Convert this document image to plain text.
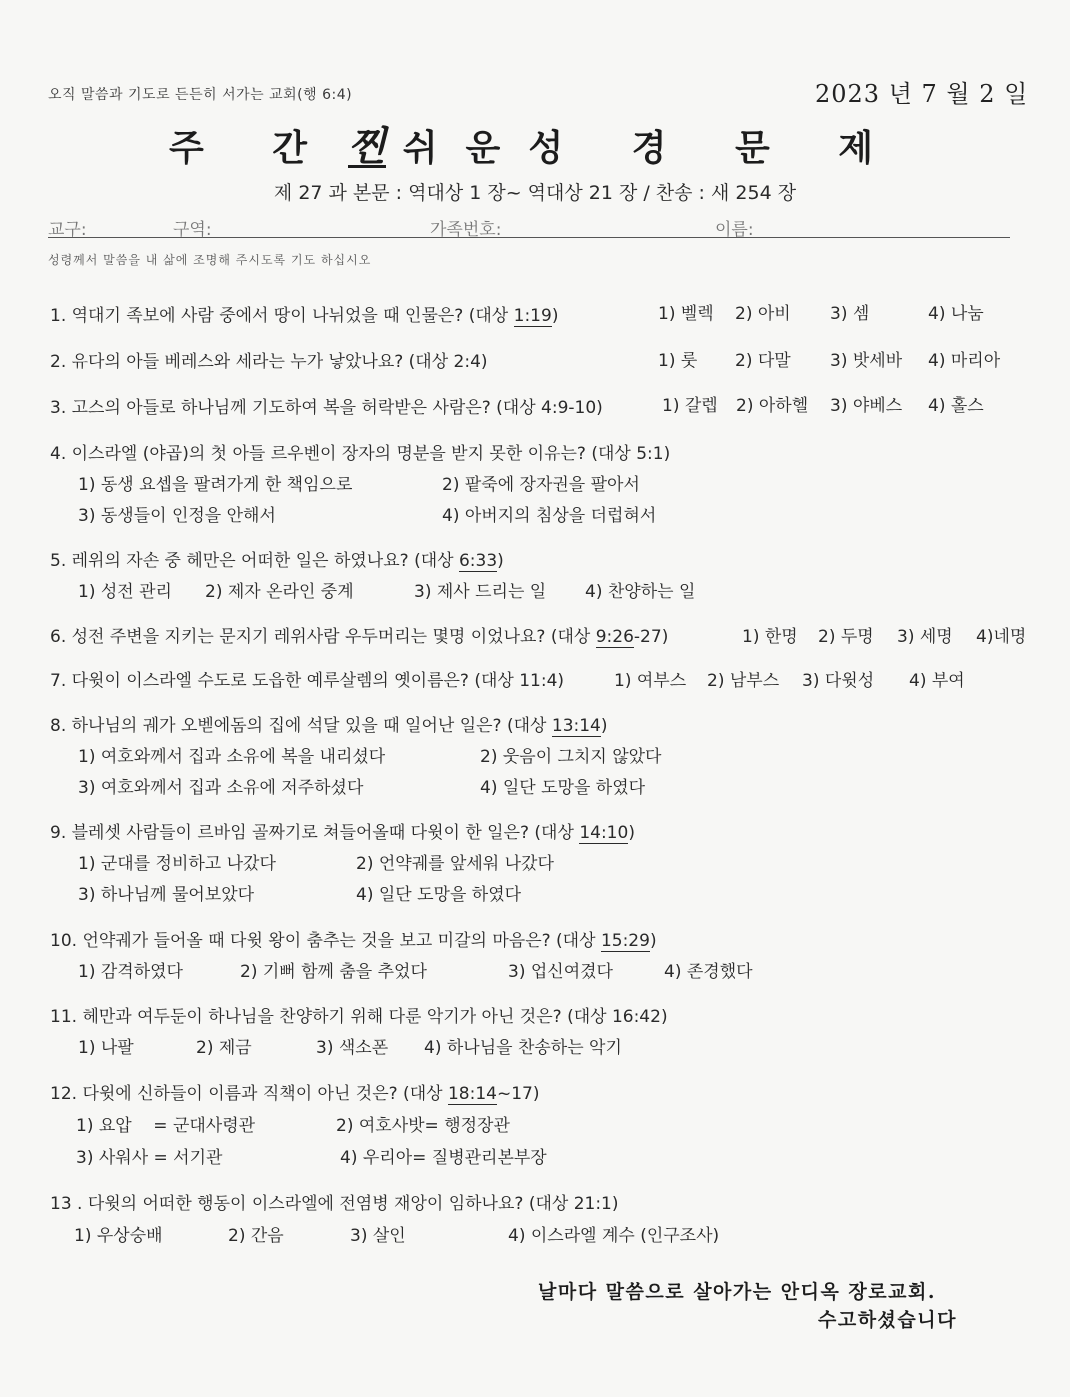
오직 말씀과 기도로 든든히 서가는 교회(행 6:4)	2023 년 7 월 2 일
주 간 찐 쉬운성 경 문 제
제 27 과 본문 : 역대상 1 장~ 역대상 21 장 / 찬송 : 새 254 장
교구:	구역:	가족번호:	이름:
성령께서 말씀을 내 삶에 조명해 주시도록 기도 하십시오
1. 역대기 족보에 사람 중에서 땅이 나뉘었을 때 인물은? (대상 1:19)	1) 벨렉 2) 아비 3) 셈	4) 나눔
2. 유다의 아들 베레스와 세라는 누가 낳았나요? (대상 2:4)	1) 룻 2) 다말 3) 밧세바 4) 마리아
3. 고스의 아들로 하나님께 기도하여 복을 허락받은 사람은? (대상 4:9-10)	1) 갈렙 2) 아하헬 3) 야베스 4) 홀스
4. 이스라엘 (야곱)의 첫 아들 르우벤이 장자의 명분을 받지 못한 이유는? (대상 5:1)
1) 동생 요셉을 팔려가게 한 책임으로	2) 팥죽에 장자권을 팔아서
3) 동생들이 인정을 안해서	4) 아버지의 침상을 더럽혀서
5. 레위의 자손 중 헤만은 어떠한 일은 하였나요? (대상 6:33)
1) 성전 관리 2) 제자 온라인 중계	3) 제사 드리는 일 4) 찬양하는 일
6. 성전 주변을 지키는 문지기 레위사람 우두머리는 몇명 이었나요? (대상 9:26-27)	1) 한명 2) 두명 3) 세명 4)네명
7. 다윗이 이스라엘 수도로 도읍한 예루살렘의 옛이름은? (대상 11:4)	1) 여부스 2) 남부스 3) 다윗성 4) 부여
8. 하나님의 궤가 오벧에돔의 집에 석달 있을 때 일어난 일은? (대상 13:14)
1) 여호와께서 집과 소유에 복을 내리셨다	2) 웃음이 그치지 않았다
3) 여호와께서 집과 소유에 저주하셨다	4) 일단 도망을 하였다
9. 블레셋 사람들이 르바임 골짜기로 쳐들어올때 다윗이 한 일은? (대상 14:10)
1) 군대를 정비하고 나갔다	2) 언약궤를 앞세워 나갔다
3) 하나님께 물어보았다	4) 일단 도망을 하였다
10. 언약궤가 들어올 때 다윗 왕이 춤추는 것을 보고 미갈의 마음은? (대상 15:29)
1) 감격하였다	2) 기뻐 함께 춤을 추었다	3) 업신여겼다	4) 존경했다
11. 헤만과 여두둔이 하나님을 찬양하기 위해 다룬 악기가 아닌 것은? (대상 16:42)
1) 나팔	2) 제금	3) 색소폰 4) 하나님을 찬송하는 악기
12. 다윗에 신하들이 이름과 직책이 아닌 것은? (대상 18:14~17)
1) 요압    = 군대사령관	2) 여호사밧= 행정장관
3) 사워사 = 서기관	4) 우리아= 질병관리본부장
13 . 다윗의 어떠한 행동이 이스라엘에 전염병 재앙이 임하나요? (대상 21:1)
1) 우상숭배	2) 간음	3) 살인	4) 이스라엘 계수 (인구조사)
날마다 말씀으로 살아가는 안디옥 장로교회.
수고하셨습니다
